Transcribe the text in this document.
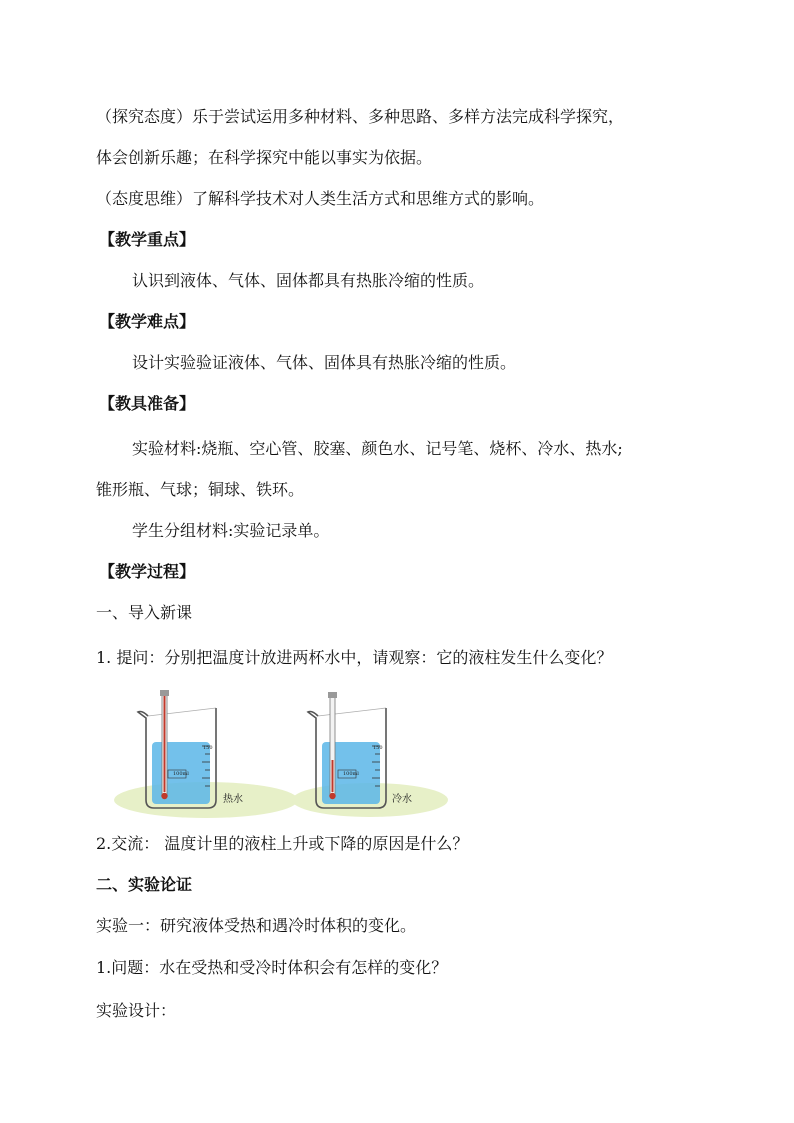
（探究态度）乐于尝试运用多种材料、多种思路、多样方法完成科学探究，
体会创新乐趣；在科学探究中能以事实为依据。
（态度思维）了解科学技术对人类生活方式和思维方式的影响。
【教学重点】
认识到液体、气体、固体都具有热胀冷缩的性质。
【教学难点】
设计实验验证液体、气体、固体具有热胀冷缩的性质。
【教具准备】
实验材料:烧瓶、空心管、胶塞、颜色水、记号笔、烧杯、冷水、热水;
锥形瓶、气球；铜球、铁环。
学生分组材料:实验记录单。
【教学过程】
一、导入新课
1. 提问：分别把温度计放进两杯水中，请观察：它的液柱发生什么变化？
100ml	100ml
150	150
热水	冷水
2.交流： 温度计里的液柱上升或下降的原因是什么？
二、实验论证
实验一：研究液体受热和遇冷时体积的变化。
1.问题：水在受热和受冷时体积会有怎样的变化？
实验设计：
